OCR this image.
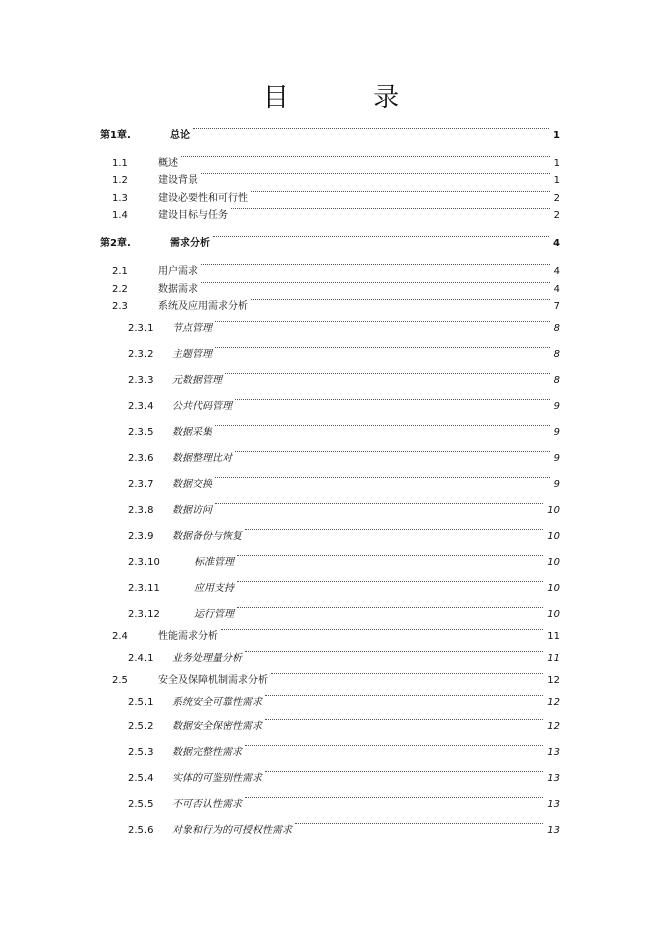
目 录
第1章.	总论	1
1.1	概述	1
1.2	建设背景	1
1.3	建设必要性和可行性	2
1.4	建设目标与任务	2
第2章.	需求分析	4
2.1	用户需求	4
2.2	数据需求	4
2.3	系统及应用需求分析	7
2.3.1 节点管理	8
2.3.2 主题管理	8
2.3.3 元数据管理	8
2.3.4 公共代码管理	9
2.3.5 数据采集	9
2.3.6 数据整理比对	9
2.3.7 数据交换	9
2.3.8 数据访问	10
2.3.9 数据备份与恢复	10
2.3.10	标准管理	10
2.3.11	应用支持	10
2.3.12	运行管理	10
2.4	性能需求分析	11
2.4.1 业务处理量分析	11
2.5	安全及保障机制需求分析	12
2.5.1 系统安全可靠性需求	12
2.5.2 数据安全保密性需求	12
2.5.3 数据完整性需求	13
2.5.4 实体的可鉴别性需求	13
2.5.5 不可否认性需求	13
2.5.6 对象和行为的可授权性需求	13
